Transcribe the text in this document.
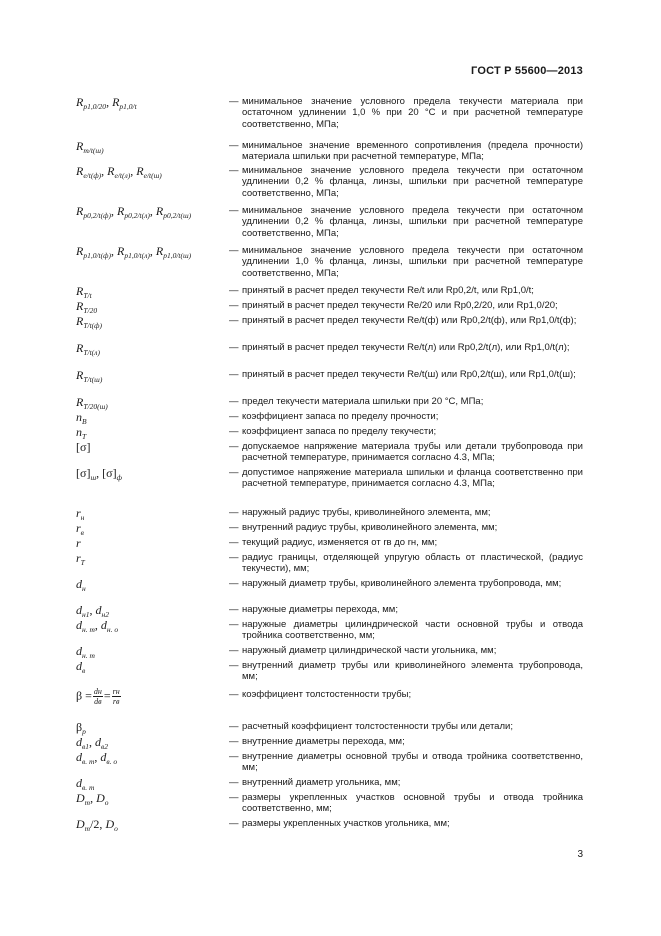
ГОСТ Р 55600—2013
$R_{p1,0/20}$, $R_{p1,0/t}$	— минимальное значение условного предела текучести материала при остаточном удлинении 1,0 % при 20 °С и при расчетной температуре соответственно, МПа;
$R_{m/t(ш)}$	— минимальное значение временного сопротивления (предела прочности) материала шпильки при расчетной температуре, МПа;
$R_{e/t(ф)}$, $R_{e/t(л)}$, $R_{e/t(ш)}$	— минимальное значение условного предела текучести при остаточном удлинении 0,2 % фланца, линзы, шпильки при расчетной температуре соответственно, МПа;
$R_{p0,2/t(ф)}$, $R_{p0,2/t(л)}$, $R_{p0,2/t(ш)}$	— минимальное значение условного предела текучести при остаточном удлинении 0,2 % фланца, линзы, шпильки при расчетной температуре соответственно, МПа;
$R_{p1,0/t(ф)}$, $R_{p1,0/t(л)}$, $R_{p1,0/t(ш)}$	— минимальное значение условного предела текучести при остаточном удлинении 1,0 % фланца, линзы, шпильки при расчетной температуре соответственно, МПа;
$R_{T/t}$	— принятый в расчет предел текучести Re/t или Rp0,2/t, или Rp1,0/t;
$R_{T/20}$	— принятый в расчет предел текучести Re/20 или Rp0,2/20, или Rp1,0/20;
$R_{T/t(ф)}$	— принятый в расчет предел текучести Re/t(ф) или Rp0,2/t(ф), или Rp1,0/t(ф);
$R_{T/t(л)}$	— принятый в расчет предел текучести Re/t(л) или Rp0,2/t(л), или Rp1,0/t(л);
$R_{T/t(ш)}$	— принятый в расчет предел текучести Re/t(ш) или Rp0,2/t(ш), или Rp1,0/t(ш);
$R_{T/20(ш)}$	— предел текучести материала шпильки при 20 °С, МПа;
$n_B$	— коэффициент запаса по пределу прочности;
$n_T$	— коэффициент запаса по пределу текучести;
[σ]	— допускаемое напряжение материала трубы или детали трубопровода при расчетной температуре, принимается согласно 4.3, МПа;
$[\sigma]_ш$, $[\sigma]_ф$	— допустимое напряжение материала шпильки и фланца соответственно при расчетной температуре, принимается согласно 4.3, МПа;
$r_н$	— наружный радиус трубы, криволинейного элемента, мм;
$r_в$	— внутренний радиус трубы, криволинейного элемента, мм;
r	— текущий радиус, изменяется от rв до rн, мм;
$r_T$	— радиус границы, отделяющей упругую область от пластической, (радиус текучести), мм;
$d_н$	— наружный диаметр трубы, криволинейного элемента трубопровода, мм;
$d_{н1}$, $d_{н2}$	— наружные диаметры перехода, мм;
$d_{н. т}$, $d_{н. о}$	— наружные диаметры цилиндрической части основной трубы и отвода тройника соответственно, мм;
$d_{н. т}$	— наружный диаметр цилиндрической части угольника, мм;
$d_в$	— внутренний диаметр трубы или криволинейного элемента трубопровода, мм;
$\beta = \frac{dн}{dв} = \frac{rн}{rв}$	— коэффициент толстостенности трубы;
$\beta_р$	— расчетный коэффициент толстостенности трубы или детали;
$d_{в1}$, $d_{в2}$	— внутренние диаметры перехода, мм;
$d_{в. т}$, $d_{в. о}$	— внутренние диаметры основной трубы и отвода тройника соответственно, мм;
$d_{в. т}$	— внутренний диаметр угольника, мм;
$D_т$, $D_о$	— размеры укрепленных участков основной трубы и отвода тройника соответственно, мм;
$D_т/2$, $D_о$	— размеры укрепленных участков угольника, мм;
3
